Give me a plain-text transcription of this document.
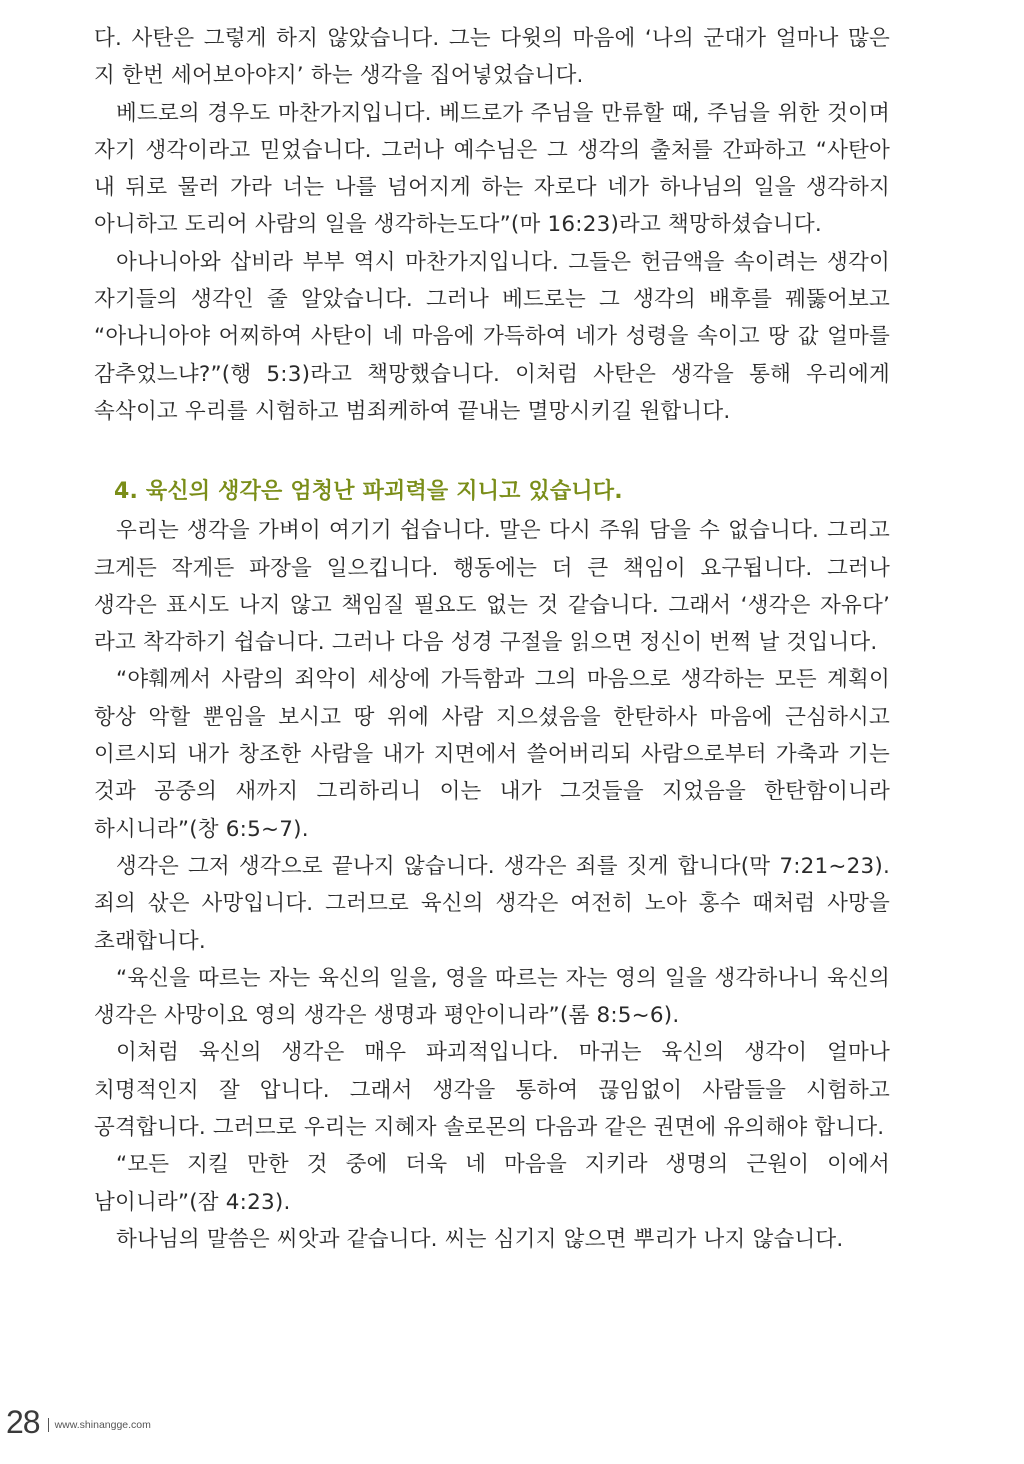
다. 사탄은 그렇게 하지 않았습니다. 그는 다윗의 마음에 ‘나의 군대가 얼마나 많은 지 한번 세어보아야지’ 하는 생각을 집어넣었습니다.

베드로의 경우도 마찬가지입니다. 베드로가 주님을 만류할 때, 주님을 위한 것이며 자기 생각이라고 믿었습니다. 그러나 예수님은 그 생각의 출처를 간파하고 “사탄아 내 뒤로 물러 가라 너는 나를 넘어지게 하는 자로다 네가 하나님의 일을 생각하지 아니하고 도리어 사람의 일을 생각하는도다”(마 16:23)라고 책망하셨습니다.

아나니아와 삽비라 부부 역시 마찬가지입니다. 그들은 헌금액을 속이려는 생각이 자기들의 생각인 줄 알았습니다. 그러나 베드로는 그 생각의 배후를 꿰뚫어보고 “아나니아야 어찌하여 사탄이 네 마음에 가득하여 네가 성령을 속이고 땅 값 얼마를 감추었느냐?”(행 5:3)라고 책망했습니다. 이처럼 사탄은 생각을 통해 우리에게 속삭이고 우리를 시험하고 범죄케하여 끝내는 멸망시키길 원합니다.

4. 육신의 생각은 엄청난 파괴력을 지니고 있습니다.

우리는 생각을 가벼이 여기기 쉽습니다. 말은 다시 주워 담을 수 없습니다. 그리고 크게든 작게든 파장을 일으킵니다. 행동에는 더 큰 책임이 요구됩니다. 그러나 생각은 표시도 나지 않고 책임질 필요도 없는 것 같습니다. 그래서 ‘생각은 자유다’ 라고 착각하기 쉽습니다. 그러나 다음 성경 구절을 읽으면 정신이 번쩍 날 것입니다.

“야훼께서 사람의 죄악이 세상에 가득함과 그의 마음으로 생각하는 모든 계획이 항상 악할 뿐임을 보시고 땅 위에 사람 지으셨음을 한탄하사 마음에 근심하시고 이르시되 내가 창조한 사람을 내가 지면에서 쓸어버리되 사람으로부터 가축과 기는 것과 공중의 새까지 그리하리니 이는 내가 그것들을 지었음을 한탄함이니라 하시니라”(창 6:5~7).

생각은 그저 생각으로 끝나지 않습니다. 생각은 죄를 짓게 합니다(막 7:21~23). 죄의 삯은 사망입니다. 그러므로 육신의 생각은 여전히 노아 홍수 때처럼 사망을 초래합니다.

“육신을 따르는 자는 육신의 일을, 영을 따르는 자는 영의 일을 생각하나니 육신의 생각은 사망이요 영의 생각은 생명과 평안이니라”(롬 8:5~6).

이처럼 육신의 생각은 매우 파괴적입니다. 마귀는 육신의 생각이 얼마나 치명적인지 잘 압니다. 그래서 생각을 통하여 끊임없이 사람들을 시험하고 공격합니다. 그러므로 우리는 지혜자 솔로몬의 다음과 같은 권면에 유의해야 합니다.

“모든 지킬 만한 것 중에 더욱 네 마음을 지키라 생명의 근원이 이에서 남이니라”(잠 4:23).

하나님의 말씀은 씨앗과 같습니다. 씨는 심기지 않으면 뿌리가 나지 않습니다.

28 www.shinangge.com
